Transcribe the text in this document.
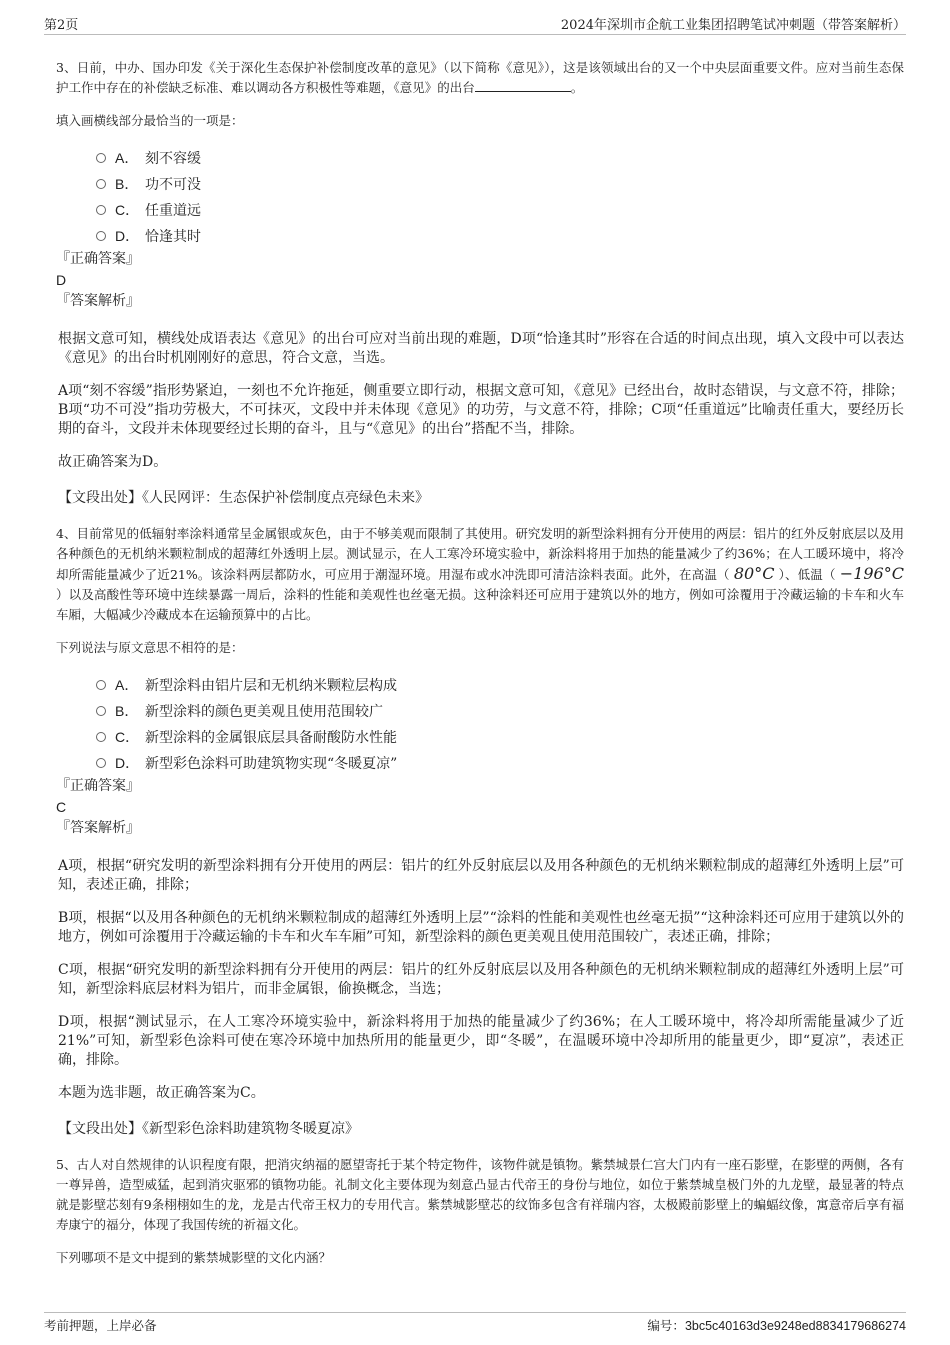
第2页	2024年深圳市企航工业集团招聘笔试冲刺题（带答案解析）

3、日前，中办、国办印发《关于深化生态保护补偿制度改革的意见》（以下简称《意见》），这是该领域出台的又一个中央层面重要文件。应对当前生态保护工作中存在的补偿缺乏标准、难以调动各方积极性等难题，《意见》的出台	。

填入画横线部分最恰当的一项是：

A． 刻不容缓
B． 功不可没
C． 任重道远
D． 恰逢其时

『正确答案』

D

『答案解析』

根据文意可知，横线处成语表达《意见》的出台可应对当前出现的难题，D项“恰逢其时”形容在合适的时间点出现，填入文段中可以表达《意见》的出台时机刚刚好的意思，符合文意，当选。

A项“刻不容缓”指形势紧迫，一刻也不允许拖延，侧重要立即行动，根据文意可知，《意见》已经出台，故时态错误，与文意不符，排除；B项“功不可没”指功劳极大，不可抹灭，文段中并未体现《意见》的功劳，与文意不符，排除；C项“任重道远”比喻责任重大，要经历长期的奋斗，文段并未体现要经过长期的奋斗，且与“《意见》的出台”搭配不当，排除。

故正确答案为D。

【文段出处】《人民网评：生态保护补偿制度点亮绿色未来》

4、目前常见的低辐射率涂料通常呈金属银或灰色，由于不够美观而限制了其使用。研究发明的新型涂料拥有分开使用的两层：铝片的红外反射底层以及用各种颜色的无机纳米颗粒制成的超薄红外透明上层。测试显示，在人工寒冷环境实验中，新涂料将用于加热的能量减少了约36%；在人工暖环境中，将冷却所需能量减少了近21%。该涂料两层都防水，可应用于潮湿环境。用湿布或水冲洗即可清洁涂料表面。此外，在高温（ 80°C ）、低温（ −196°C ）以及高酸性等环境中连续暴露一周后，涂料的性能和美观性也丝毫无损。这种涂料还可应用于建筑以外的地方，例如可涂覆用于冷藏运输的卡车和火车车厢，大幅减少冷藏成本在运输预算中的占比。

下列说法与原文意思不相符的是：

A． 新型涂料由铝片层和无机纳米颗粒层构成
B． 新型涂料的颜色更美观且使用范围较广
C． 新型涂料的金属银底层具备耐酸防水性能
D． 新型彩色涂料可助建筑物实现“冬暖夏凉”

『正确答案』

C

『答案解析』

A项，根据“研究发明的新型涂料拥有分开使用的两层：铝片的红外反射底层以及用各种颜色的无机纳米颗粒制成的超薄红外透明上层”可知，表述正确，排除；

B项，根据“以及用各种颜色的无机纳米颗粒制成的超薄红外透明上层”“涂料的性能和美观性也丝毫无损”“这种涂料还可应用于建筑以外的地方，例如可涂覆用于冷藏运输的卡车和火车车厢”可知，新型涂料的颜色更美观且使用范围较广，表述正确，排除；

C项，根据“研究发明的新型涂料拥有分开使用的两层：铝片的红外反射底层以及用各种颜色的无机纳米颗粒制成的超薄红外透明上层”可知，新型涂料底层材料为铝片，而非金属银，偷换概念，当选；

D项，根据“测试显示，在人工寒冷环境实验中，新涂料将用于加热的能量减少了约36%；在人工暖环境中，将冷却所需能量减少了近21%”可知，新型彩色涂料可使在寒冷环境中加热所用的能量更少，即“冬暖”，在温暖环境中冷却所用的能量更少，即“夏凉”，表述正确，排除。

本题为选非题，故正确答案为C。

【文段出处】《新型彩色涂料助建筑物冬暖夏凉》

5、古人对自然规律的认识程度有限，把消灾纳福的愿望寄托于某个特定物件，该物件就是镇物。紫禁城景仁宫大门内有一座石影壁，在影壁的两侧，各有一尊异兽，造型威猛，起到消灾驱邪的镇物功能。礼制文化主要体现为刻意凸显古代帝王的身份与地位，如位于紫禁城皇极门外的九龙壁，最显著的特点就是影壁芯刻有9条栩栩如生的龙，龙是古代帝王权力的专用代言。紫禁城影壁芯的纹饰多包含有祥瑞内容，太极殿前影壁上的蝙蝠纹像，寓意帝后享有福寿康宁的福分，体现了我国传统的祈福文化。

下列哪项不是文中提到的紫禁城影壁的文化内涵？

考前押题，上岸必备	编号：3bc5c40163d3e9248ed8834179686274
